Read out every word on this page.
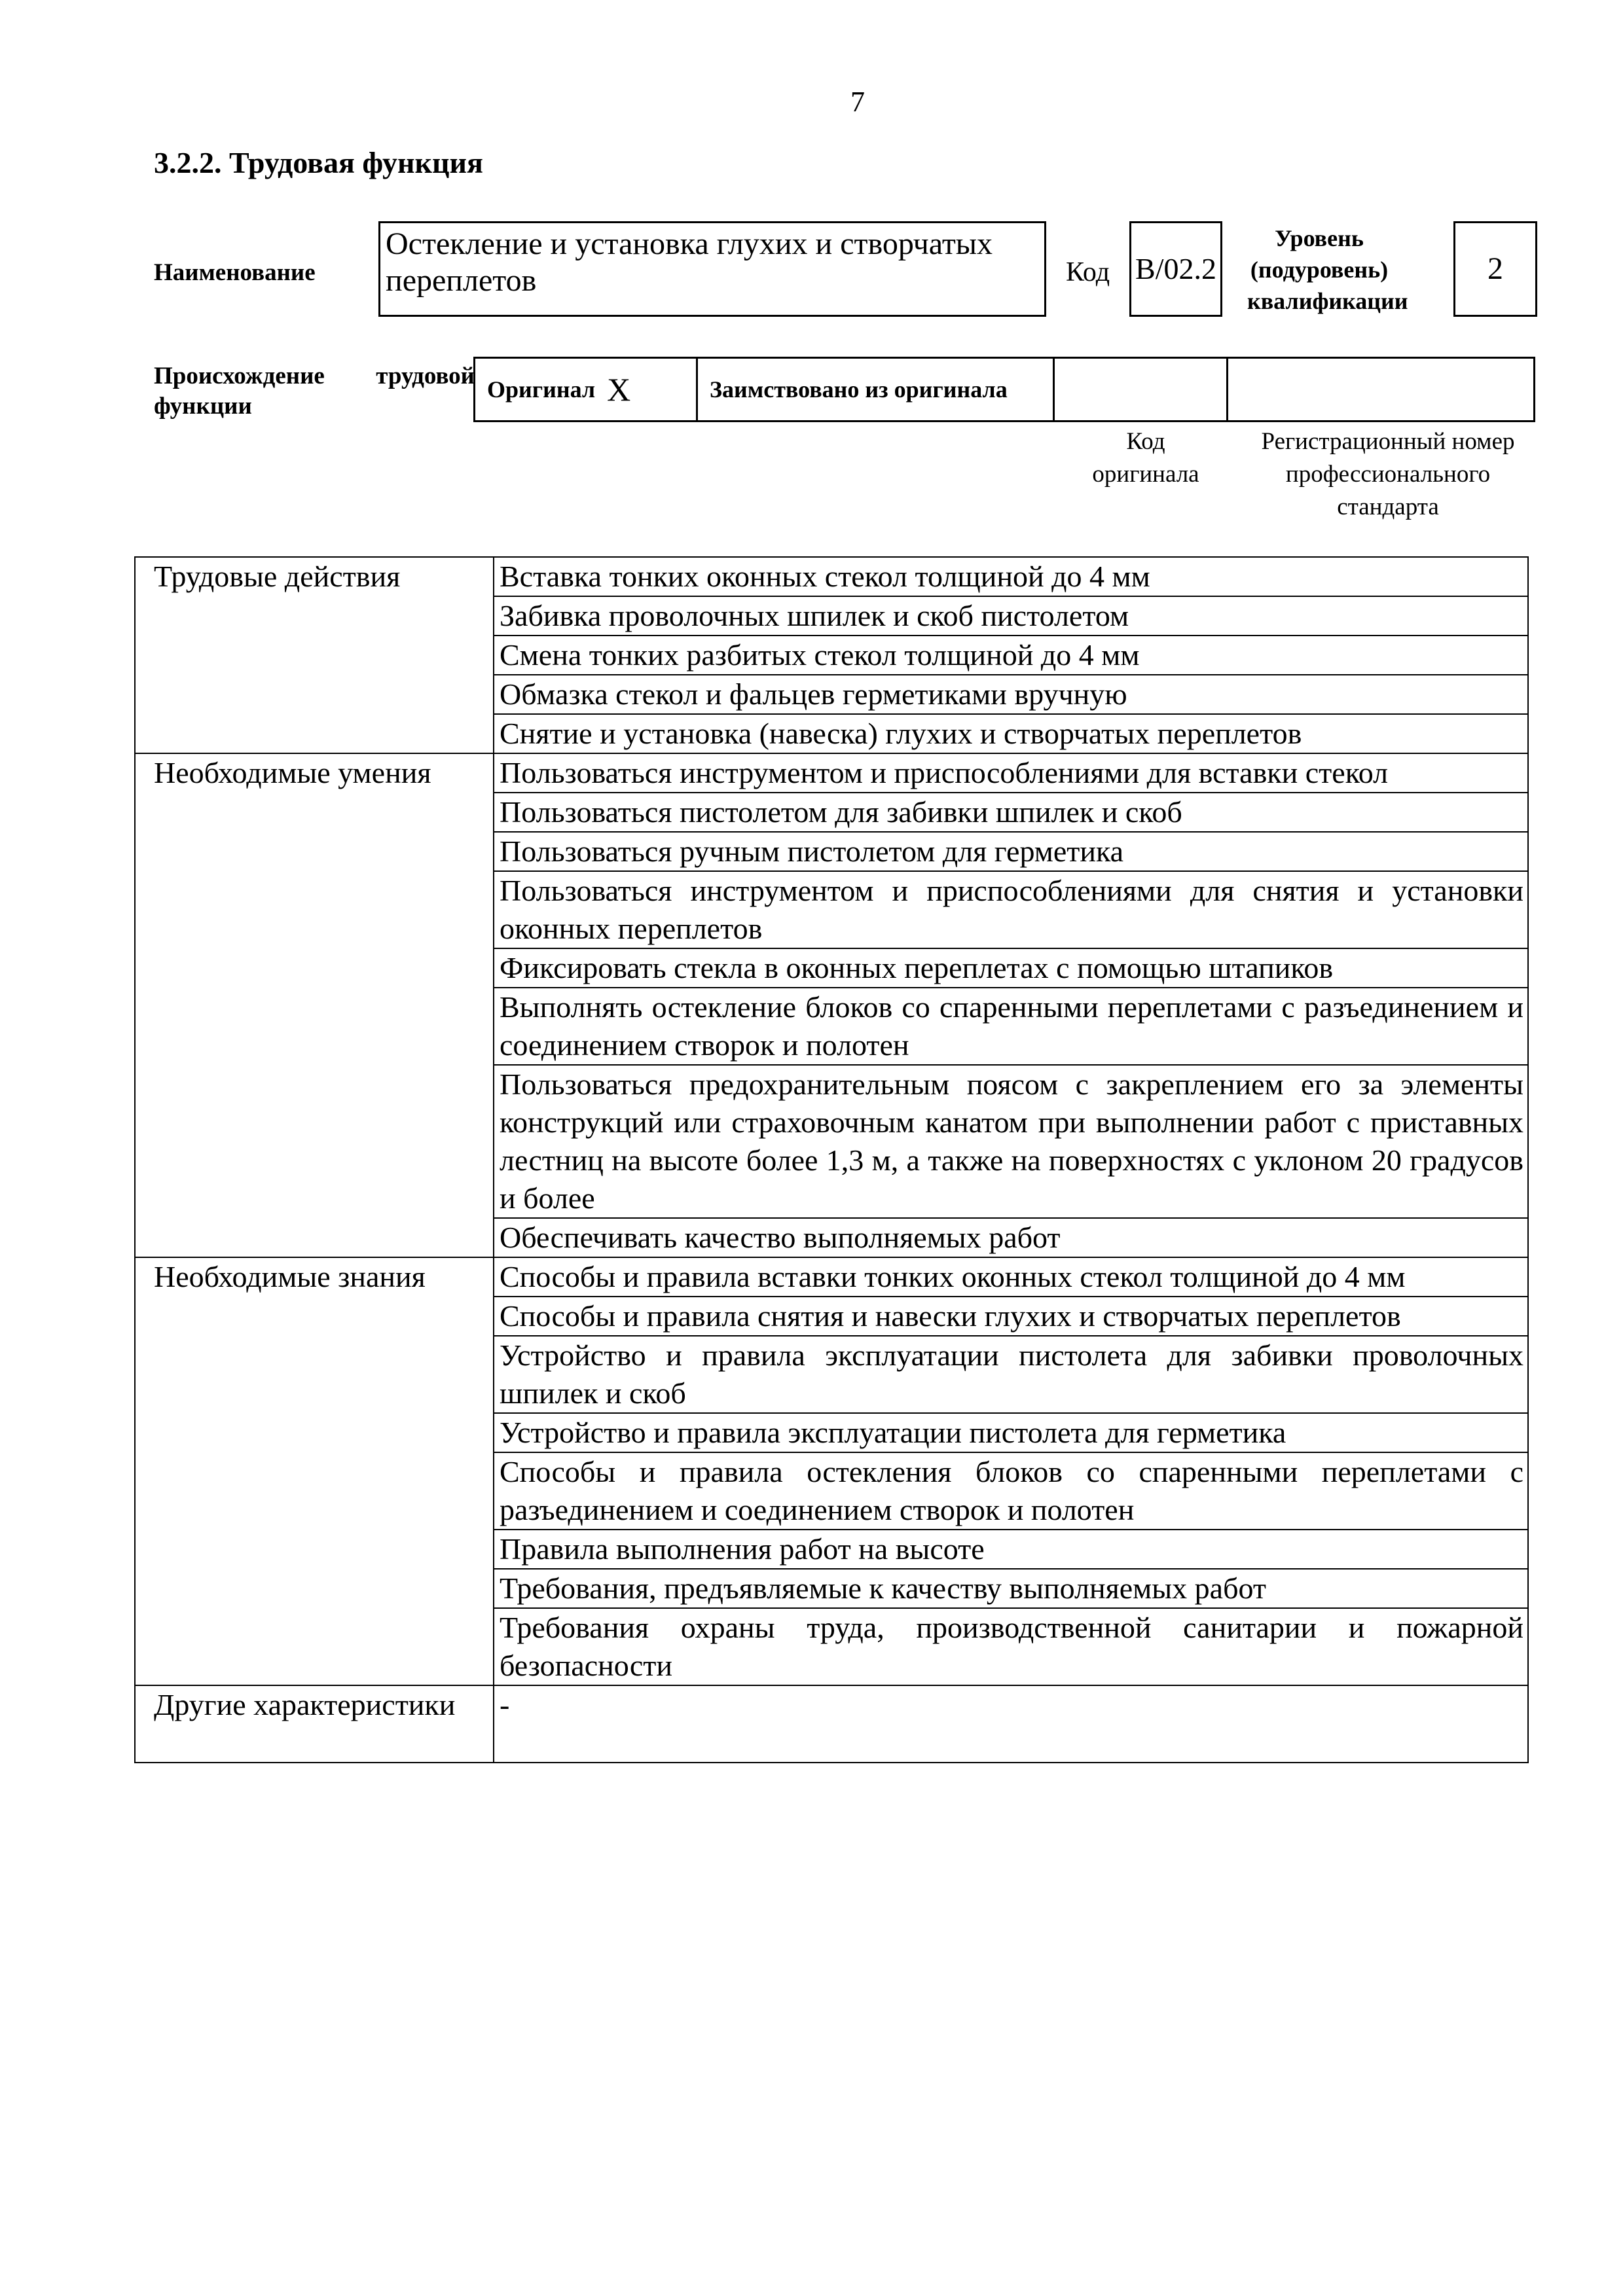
7
3.2.2. Трудовая функция
Наименование
Остекление и установка глухих и створчатых переплетов	Код B/02.2
Уровень
(подуровень)
квалификации
2
Происхождение трудовой
функции
Оригинал X	Заимствовано из оригинала
Код
оригинала
Регистрационный номер
профессионального
стандарта
Трудовые действия	Вставка тонких оконных стекол толщиной до 4 мм
	Забивка проволочных шпилек и скоб пистолетом
	Смена тонких разбитых стекол толщиной до 4 мм
	Обмазка стекол и фальцев герметиками вручную
	Снятие и установка (навеска) глухих и створчатых переплетов
Необходимые умения	Пользоваться инструментом и приспособлениями для вставки стекол
	Пользоваться пистолетом для забивки шпилек и скоб
	Пользоваться ручным пистолетом для герметика
	Пользоваться инструментом и приспособлениями для снятия и установки оконных переплетов
	Фиксировать стекла в оконных переплетах с помощью штапиков
	Выполнять остекление блоков со спаренными переплетами с разъединением и соединением створок и полотен
	Пользоваться предохранительным поясом с закреплением его за элементы конструкций или страховочным канатом при выполнении работ с приставных лестниц на высоте более 1,3 м, а также на поверхностях с уклоном 20 градусов и более
	Обеспечивать качество выполняемых работ
Необходимые знания	Способы и правила вставки тонких оконных стекол толщиной до 4 мм
	Способы и правила снятия и навески глухих и створчатых переплетов
	Устройство и правила эксплуатации пистолета для забивки проволочных шпилек и скоб
	Устройство и правила эксплуатации пистолета для герметика
	Способы и правила остекления блоков со спаренными переплетами с разъединением и соединением створок и полотен
	Правила выполнения работ на высоте
	Требования, предъявляемые к качеству выполняемых работ
	Требования охраны труда, производственной санитарии и пожарной безопасности
Другие характеристики	-
